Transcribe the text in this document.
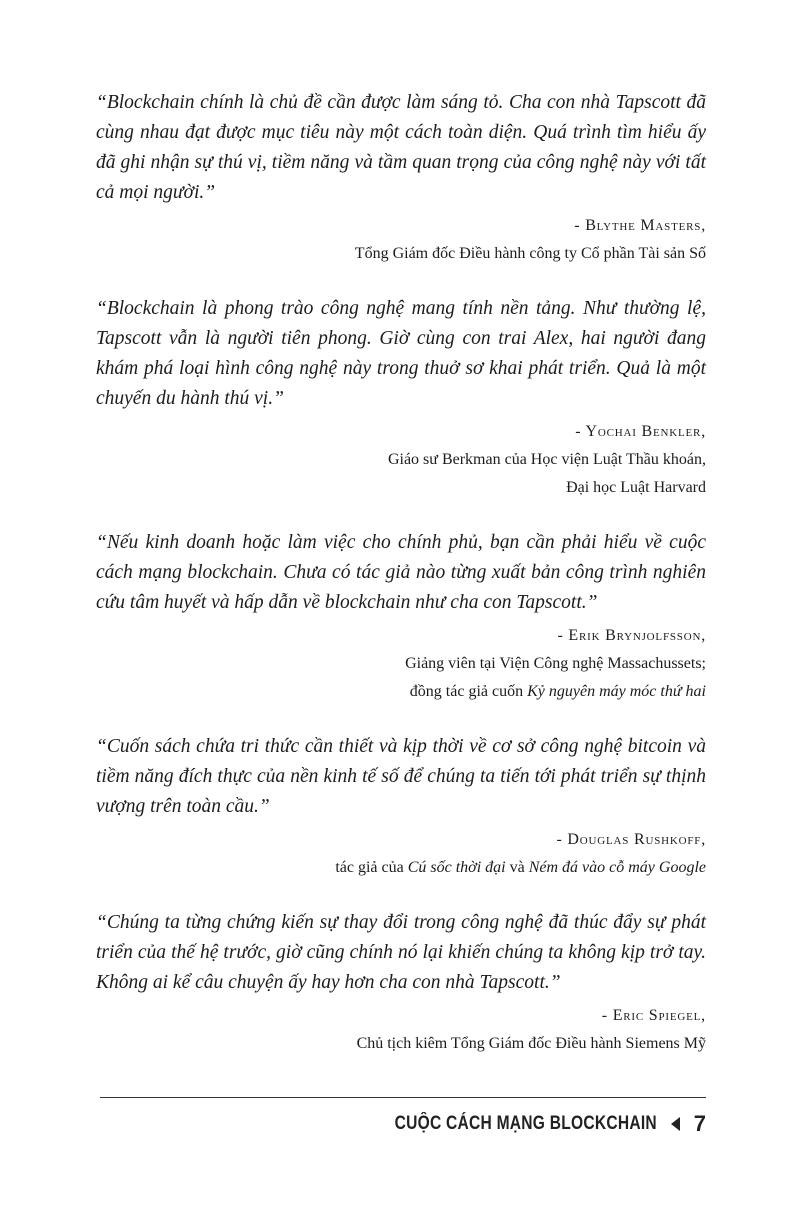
“Blockchain chính là chủ đề cần được làm sáng tỏ. Cha con nhà Tapscott đã cùng nhau đạt được mục tiêu này một cách toàn diện. Quá trình tìm hiểu ấy đã ghi nhận sự thú vị, tiềm năng và tầm quan trọng của công nghệ này với tất cả mọi người.”

- Blythe Masters,
Tổng Giám đốc Điều hành công ty Cổ phần Tài sản Số

“Blockchain là phong trào công nghệ mang tính nền tảng. Như thường lệ, Tapscott vẫn là người tiên phong. Giờ cùng con trai Alex, hai người đang khám phá loại hình công nghệ này trong thuở sơ khai phát triển. Quả là một chuyến du hành thú vị.”

- Yochai Benkler,
Giáo sư Berkman của Học viện Luật Thầu khoán,
Đại học Luật Harvard

“Nếu kinh doanh hoặc làm việc cho chính phủ, bạn cần phải hiểu về cuộc cách mạng blockchain. Chưa có tác giả nào từng xuất bản công trình nghiên cứu tâm huyết và hấp dẫn về blockchain như cha con Tapscott.”

- Erik Brynjolfsson,
Giảng viên tại Viện Công nghệ Massachussets;
đồng tác giả cuốn Kỷ nguyên máy móc thứ hai

“Cuốn sách chứa tri thức cần thiết và kịp thời về cơ sở công nghệ bitcoin và tiềm năng đích thực của nền kinh tế số để chúng ta tiến tới phát triển sự thịnh vượng trên toàn cầu.”

- Douglas Rushkoff,
tác giả của Cú sốc thời đại và Ném đá vào cỗ máy Google

“Chúng ta từng chứng kiến sự thay đổi trong công nghệ đã thúc đẩy sự phát triển của thế hệ trước, giờ cũng chính nó lại khiến chúng ta không kịp trở tay. Không ai kể câu chuyện ấy hay hơn cha con nhà Tapscott.”

- Eric Spiegel,
Chủ tịch kiêm Tổng Giám đốc Điều hành Siemens Mỹ
CUỘC CÁCH MẠNG BLOCKCHAIN 7
